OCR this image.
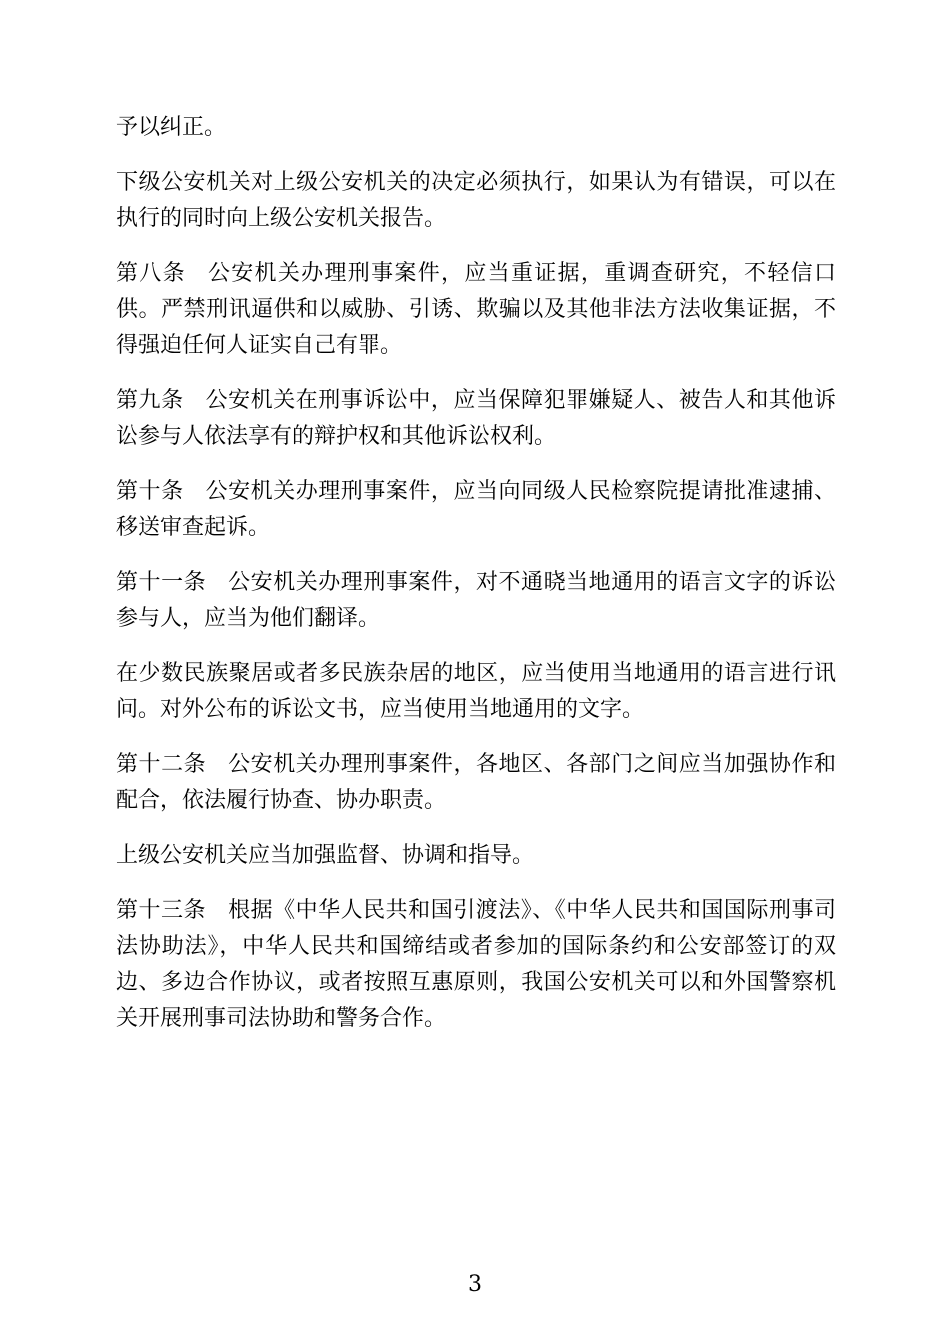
予以纠正。

下级公安机关对上级公安机关的决定必须执行，如果认为有错误，可以在执行的同时向上级公安机关报告。

第八条 公安机关办理刑事案件，应当重证据，重调查研究，不轻信口供。严禁刑讯逼供和以威胁、引诱、欺骗以及其他非法方法收集证据，不得强迫任何人证实自己有罪。

第九条 公安机关在刑事诉讼中，应当保障犯罪嫌疑人、被告人和其他诉讼参与人依法享有的辩护权和其他诉讼权利。

第十条 公安机关办理刑事案件，应当向同级人民检察院提请批准逮捕、移送审查起诉。

第十一条 公安机关办理刑事案件，对不通晓当地通用的语言文字的诉讼参与人，应当为他们翻译。

在少数民族聚居或者多民族杂居的地区，应当使用当地通用的语言进行讯问。对外公布的诉讼文书，应当使用当地通用的文字。

第十二条 公安机关办理刑事案件，各地区、各部门之间应当加强协作和配合，依法履行协查、协办职责。

上级公安机关应当加强监督、协调和指导。

第十三条 根据《中华人民共和国引渡法》、《中华人民共和国国际刑事司法协助法》，中华人民共和国缔结或者参加的国际条约和公安部签订的双边、多边合作协议，或者按照互惠原则，我国公安机关可以和外国警察机关开展刑事司法协助和警务合作。

3
